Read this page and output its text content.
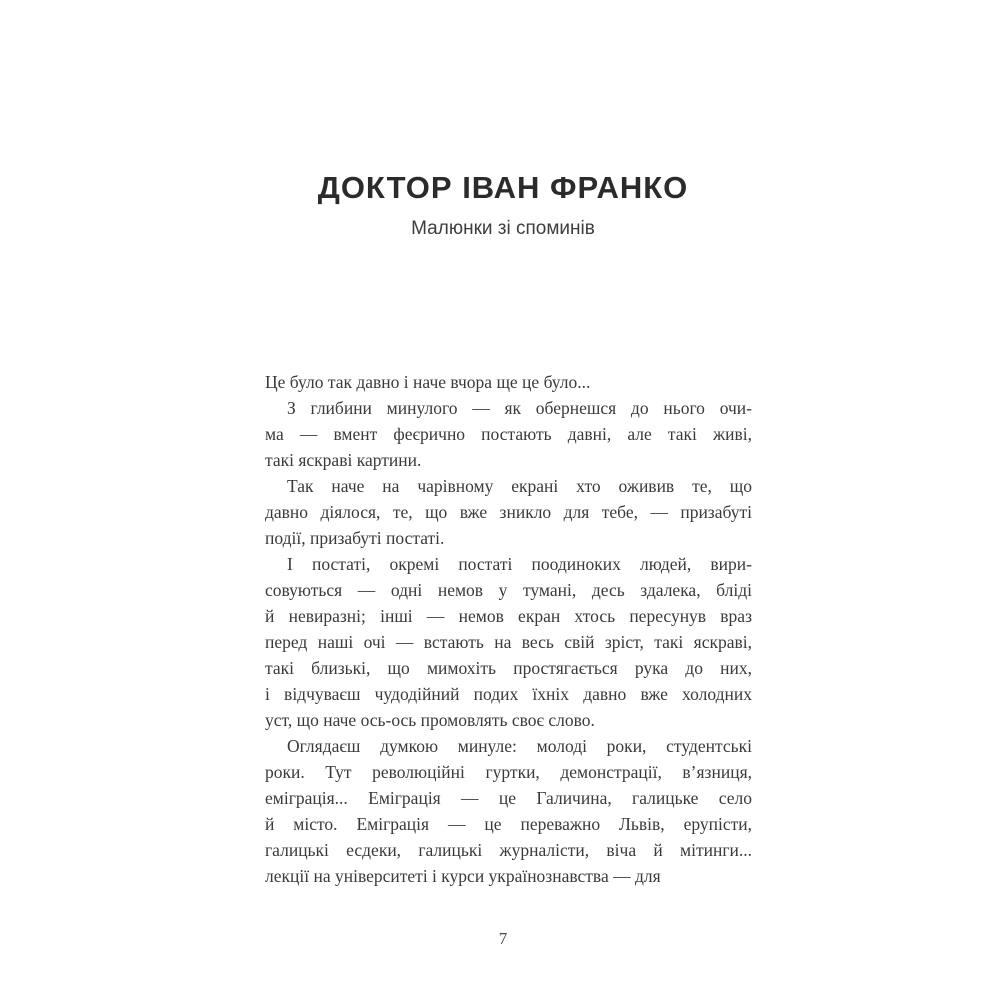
ДОКТОР ІВАН ФРАНКО

Малюнки зі споминів

Це було так давно і наче вчора ще це було...

З глибини минулого — як обернешся до нього очи-
ма — вмент феєрично постають давні, але такі живі,
такі яскраві картини.

Так наче на чарівному екрані хто оживив те, що
давно діялося, те, що вже зникло для тебе, — призабуті
події, призабуті постаті.

І постаті, окремі постаті поодиноких людей, вири-
совуються — одні немов у тумані, десь здалека, бліді
й невиразні; інші — немов екран хтось пересунув враз
перед наші очі — встають на весь свій зріст, такі яскраві,
такі близькі, що мимохіть простягається рука до них,
і відчуваєш чудодійний подих їхніх давно вже холодних
уст, що наче ось-ось промовлять своє слово.

Оглядаєш думкою минуле: молоді роки, студентські
роки. Тут революційні гуртки, демонстрації, в’язниця,
еміграція... Еміграція — це Галичина, галицьке село
й місто. Еміграція — це переважно Львів, ерупісти,
галицькі есдеки, галицькі журналісти, віча й мітинги...
лекції на університеті і курси українознавства — для

7
